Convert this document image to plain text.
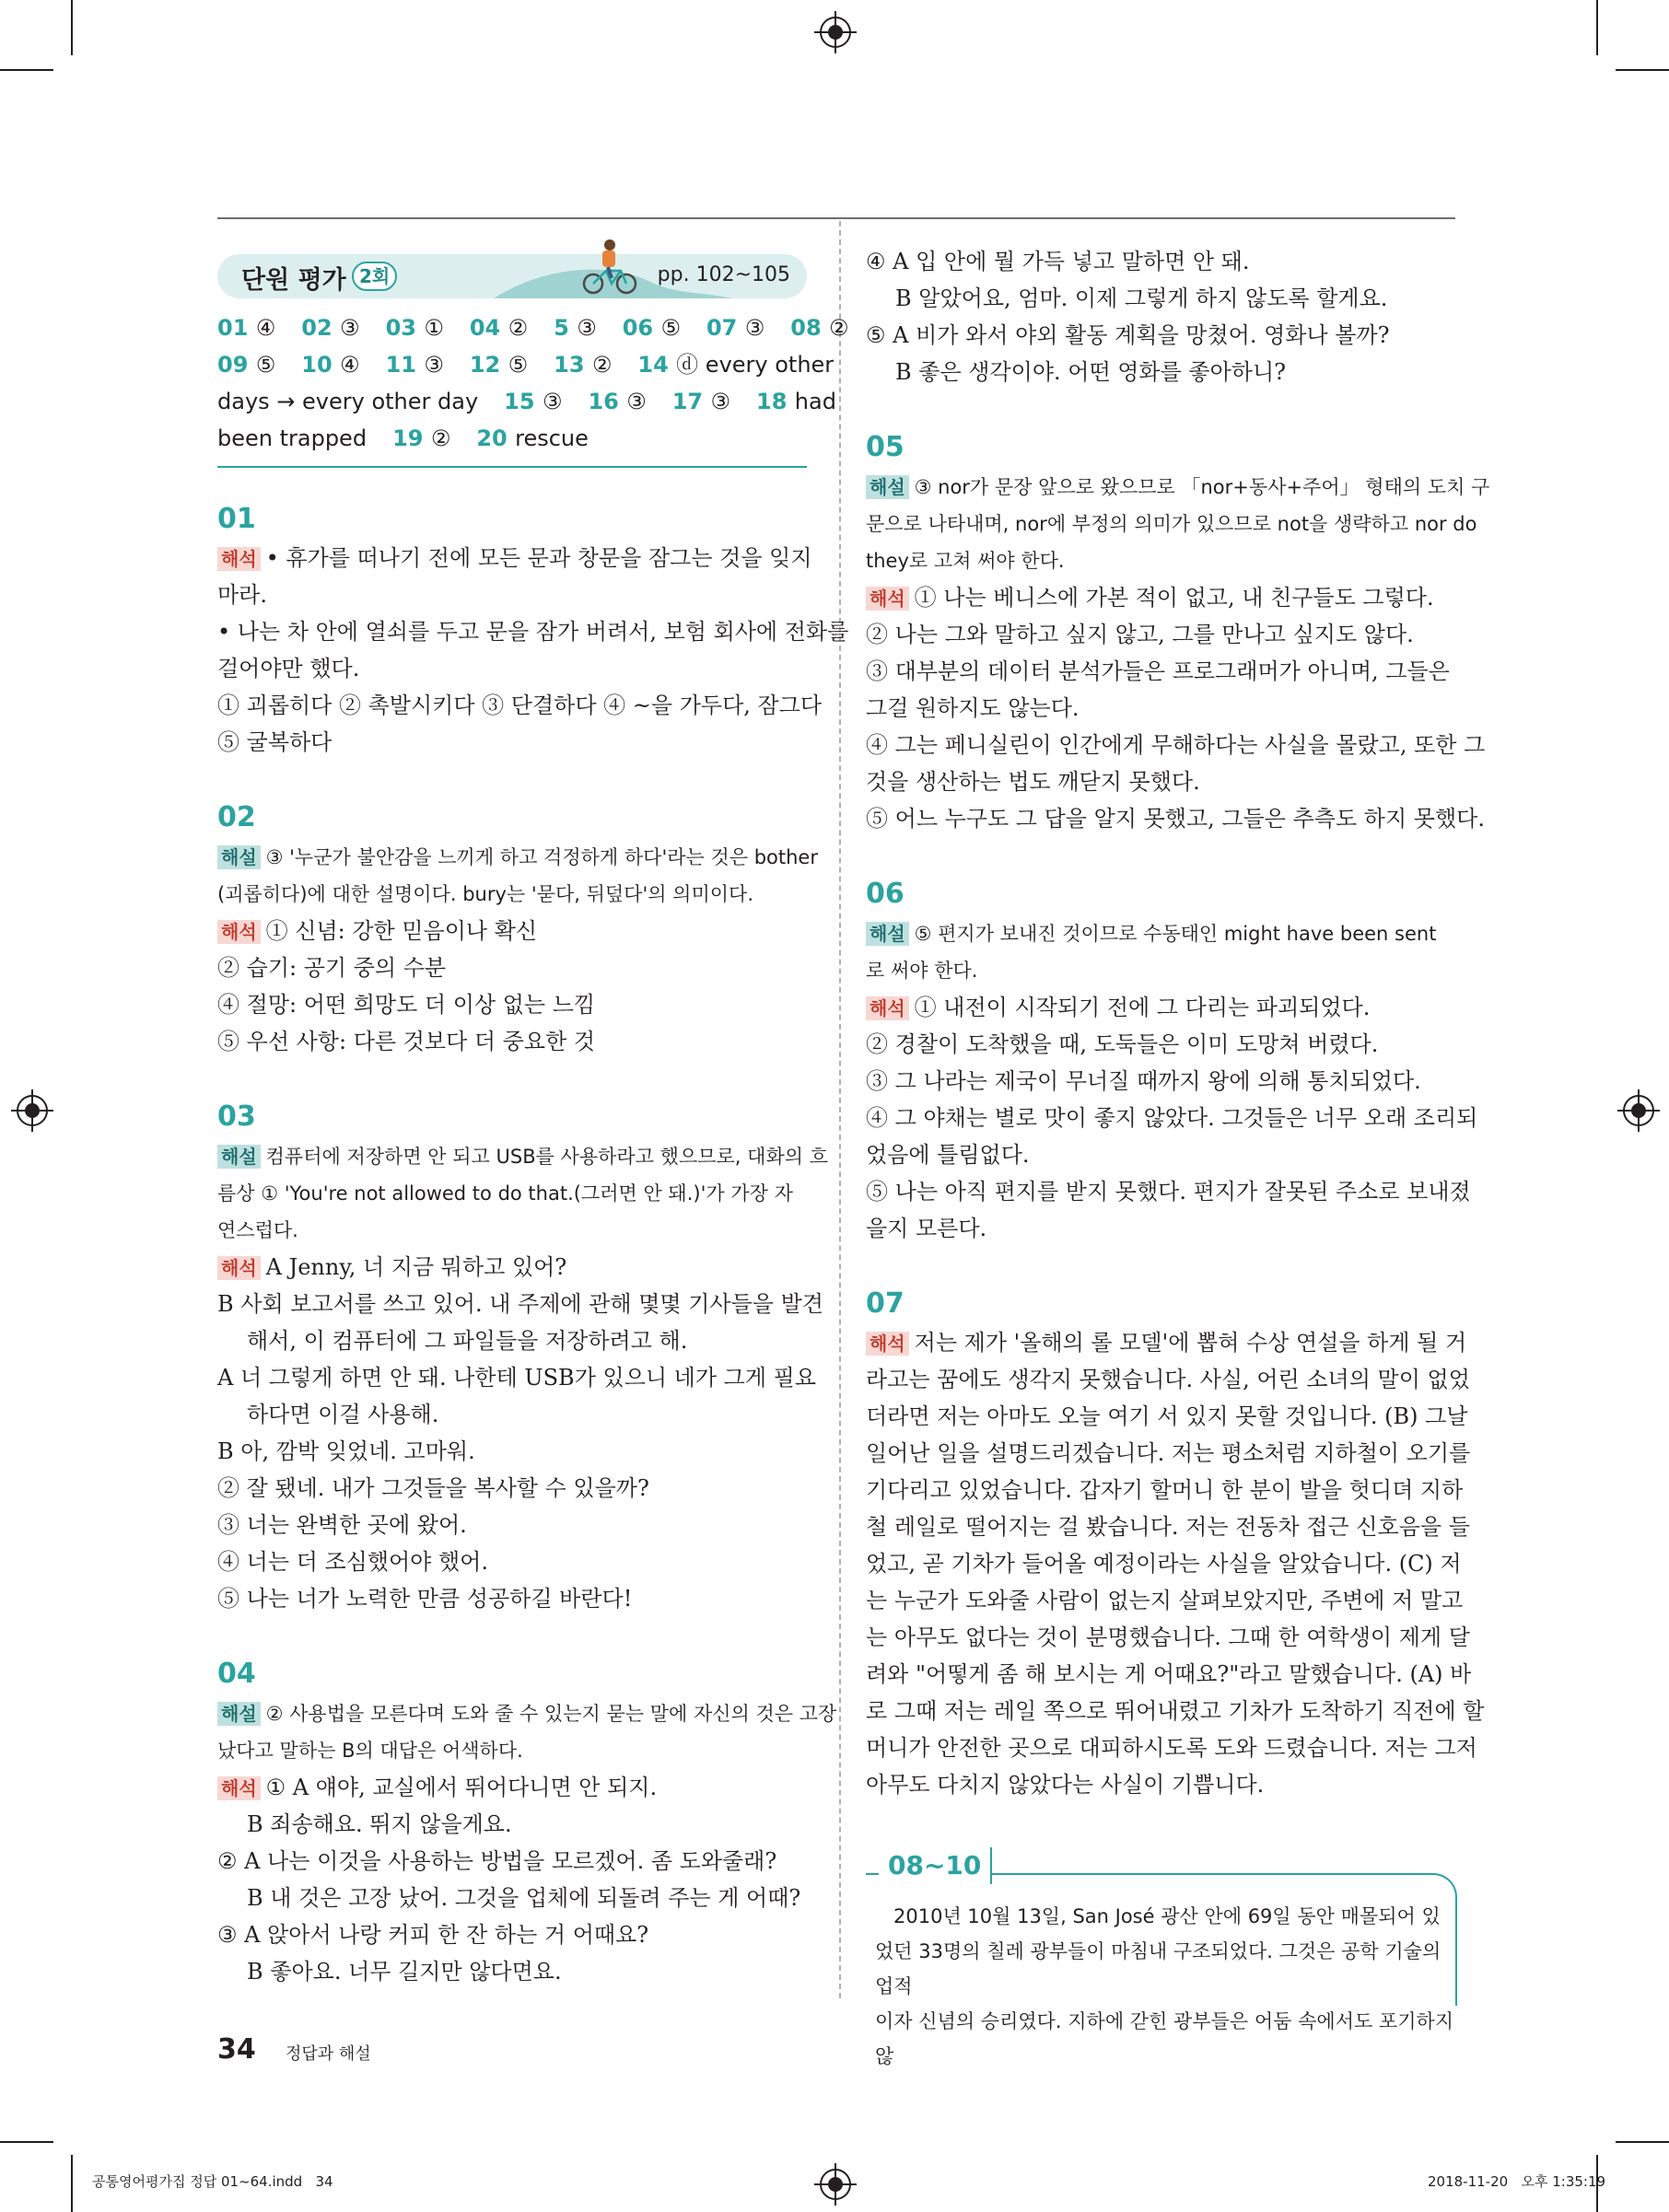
단원 평가 2회	pp. 102~105
01 ④ 02 ③ 03 ① 04 ② 5 ③ 06 ⑤ 07 ③ 08 ②
09 ⑤ 10 ④ 11 ③ 12 ⑤ 13 ② 14 ⓓ every other
days → every other day 15 ③ 16 ③ 17 ③ 18 had
been trapped 19 ② 20 rescue
01
해석 • 휴가를 떠나기 전에 모든 문과 창문을 잠그는 것을 잊지
마라.
• 나는 차 안에 열쇠를 두고 문을 잠가 버려서, 보험 회사에 전화를
걸어야만 했다.
① 괴롭히다 ② 촉발시키다 ③ 단결하다 ④ ~을 가두다, 잠그다
⑤ 굴복하다
02
해설 ③ '누군가 불안감을 느끼게 하고 걱정하게 하다'라는 것은 bother
(괴롭히다)에 대한 설명이다. bury는 '묻다, 뒤덮다'의 의미이다.
해석 ① 신념: 강한 믿음이나 확신
② 습기: 공기 중의 수분
④ 절망: 어떤 희망도 더 이상 없는 느낌
⑤ 우선 사항: 다른 것보다 더 중요한 것
03
해설 컴퓨터에 저장하면 안 되고 USB를 사용하라고 했으므로, 대화의 흐
름상 ① 'You're not allowed to do that.(그러면 안 돼.)'가 가장 자
연스럽다.
해석 A Jenny, 너 지금 뭐하고 있어?
B 사회 보고서를 쓰고 있어. 내 주제에 관해 몇몇 기사들을 발견
해서, 이 컴퓨터에 그 파일들을 저장하려고 해.
A 너 그렇게 하면 안 돼. 나한테 USB가 있으니 네가 그게 필요
하다면 이걸 사용해.
B 아, 깜박 잊었네. 고마워.
② 잘 됐네. 내가 그것들을 복사할 수 있을까?
③ 너는 완벽한 곳에 왔어.
④ 너는 더 조심했어야 했어.
⑤ 나는 너가 노력한 만큼 성공하길 바란다!
04
해설 ② 사용법을 모른다며 도와 줄 수 있는지 묻는 말에 자신의 것은 고장
났다고 말하는 B의 대답은 어색하다.
해석 ① A 얘야, 교실에서 뛰어다니면 안 되지.
B 죄송해요. 뛰지 않을게요.
② A 나는 이것을 사용하는 방법을 모르겠어. 좀 도와줄래?
B 내 것은 고장 났어. 그것을 업체에 되돌려 주는 게 어때?
③ A 앉아서 나랑 커피 한 잔 하는 거 어때요?
B 좋아요. 너무 길지만 않다면요.
④ A 입 안에 뭘 가득 넣고 말하면 안 돼.
B 알았어요, 엄마. 이제 그렇게 하지 않도록 할게요.
⑤ A 비가 와서 야외 활동 계획을 망쳤어. 영화나 볼까?
B 좋은 생각이야. 어떤 영화를 좋아하니?
05
해설 ③ nor가 문장 앞으로 왔으므로 「nor+동사+주어」 형태의 도치 구
문으로 나타내며, nor에 부정의 의미가 있으므로 not을 생략하고 nor do
they로 고쳐 써야 한다.
해석 ① 나는 베니스에 가본 적이 없고, 내 친구들도 그렇다.
② 나는 그와 말하고 싶지 않고, 그를 만나고 싶지도 않다.
③ 대부분의 데이터 분석가들은 프로그래머가 아니며, 그들은
그걸 원하지도 않는다.
④ 그는 페니실린이 인간에게 무해하다는 사실을 몰랐고, 또한 그
것을 생산하는 법도 깨닫지 못했다.
⑤ 어느 누구도 그 답을 알지 못했고, 그들은 추측도 하지 못했다.
06
해설 ⑤ 편지가 보내진 것이므로 수동태인 might have been sent
로 써야 한다.
해석 ① 내전이 시작되기 전에 그 다리는 파괴되었다.
② 경찰이 도착했을 때, 도둑들은 이미 도망쳐 버렸다.
③ 그 나라는 제국이 무너질 때까지 왕에 의해 통치되었다.
④ 그 야채는 별로 맛이 좋지 않았다. 그것들은 너무 오래 조리되
었음에 틀림없다.
⑤ 나는 아직 편지를 받지 못했다. 편지가 잘못된 주소로 보내졌
을지 모른다.
07
해석 저는 제가 '올해의 롤 모델'에 뽑혀 수상 연설을 하게 될 거
라고는 꿈에도 생각지 못했습니다. 사실, 어린 소녀의 말이 없었
더라면 저는 아마도 오늘 여기 서 있지 못할 것입니다. (B) 그날
일어난 일을 설명드리겠습니다. 저는 평소처럼 지하철이 오기를
기다리고 있었습니다. 갑자기 할머니 한 분이 발을 헛디뎌 지하
철 레일로 떨어지는 걸 봤습니다. 저는 전동차 접근 신호음을 들
었고, 곧 기차가 들어올 예정이라는 사실을 알았습니다. (C) 저
는 누군가 도와줄 사람이 없는지 살펴보았지만, 주변에 저 말고
는 아무도 없다는 것이 분명했습니다. 그때 한 여학생이 제게 달
려와 "어떻게 좀 해 보시는 게 어때요?"라고 말했습니다. (A) 바
로 그때 저는 레일 쪽으로 뛰어내렸고 기차가 도착하기 직전에 할
머니가 안전한 곳으로 대피하시도록 도와 드렸습니다. 저는 그저
아무도 다치지 않았다는 사실이 기쁩니다.
08~10
2010년 10월 13일, San José 광산 안에 69일 동안 매몰되어 있
었던 33명의 칠레 광부들이 마침내 구조되었다. 그것은 공학 기술의 업적
이자 신념의 승리였다. 지하에 갇힌 광부들은 어둠 속에서도 포기하지 않
34 정답과 해설
공통영어평가집 정답 01~64.indd   34	2018-11-20   오후 1:35:19
